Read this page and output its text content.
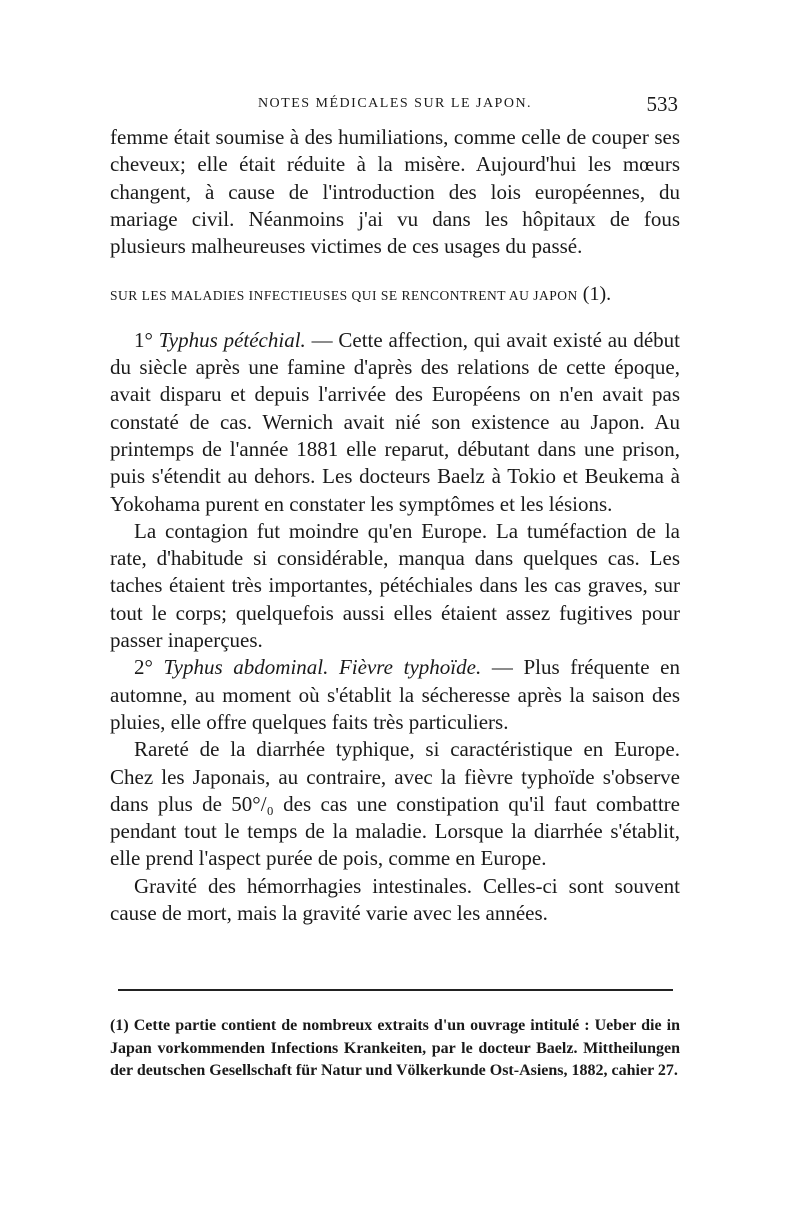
NOTES MÉDICALES SUR LE JAPON.	533

femme était soumise à des humiliations, comme celle de couper ses cheveux; elle était réduite à la misère. Aujourd'hui les mœurs changent, à cause de l'introduction des lois européennes, du mariage civil. Néanmoins j'ai vu dans les hôpitaux de fous plusieurs malheureuses victimes de ces usages du passé.

SUR LES MALADIES INFECTIEUSES QUI SE RENCONTRENT AU JAPON (1).

1° Typhus pétéchial. — Cette affection, qui avait existé au début du siècle après une famine d'après des relations de cette époque, avait disparu et depuis l'arrivée des Européens on n'en avait pas constaté de cas. Wernich avait nié son existence au Japon. Au printemps de l'année 1881 elle reparut, débutant dans une prison, puis s'étendit au dehors. Les docteurs Baelz à Tokio et Beukema à Yokohama purent en constater les symptômes et les lésions.

La contagion fut moindre qu'en Europe. La tuméfaction de la rate, d'habitude si considérable, manqua dans quelques cas. Les taches étaient très importantes, pétéchiales dans les cas graves, sur tout le corps; quelquefois aussi elles étaient assez fugitives pour passer inaperçues.

2° Typhus abdominal. Fièvre typhoïde. — Plus fréquente en automne, au moment où s'établit la sécheresse après la saison des pluies, elle offre quelques faits très particuliers.

Rareté de la diarrhée typhique, si caractéristique en Europe. Chez les Japonais, au contraire, avec la fièvre typhoïde s'observe dans plus de 50°/₀ des cas une constipation qu'il faut combattre pendant tout le temps de la maladie. Lorsque la diarrhée s'établit, elle prend l'aspect purée de pois, comme en Europe.

Gravité des hémorrhagies intestinales. Celles-ci sont souvent cause de mort, mais la gravité varie avec les années.

(1) Cette partie contient de nombreux extraits d'un ouvrage intitulé : Ueber die in Japan vorkommenden Infections Krankeiten, par le docteur Baelz. Mittheilungen der deutschen Gesellschaft für Natur und Völkerkunde Ost-Asiens, 1882, cahier 27.
